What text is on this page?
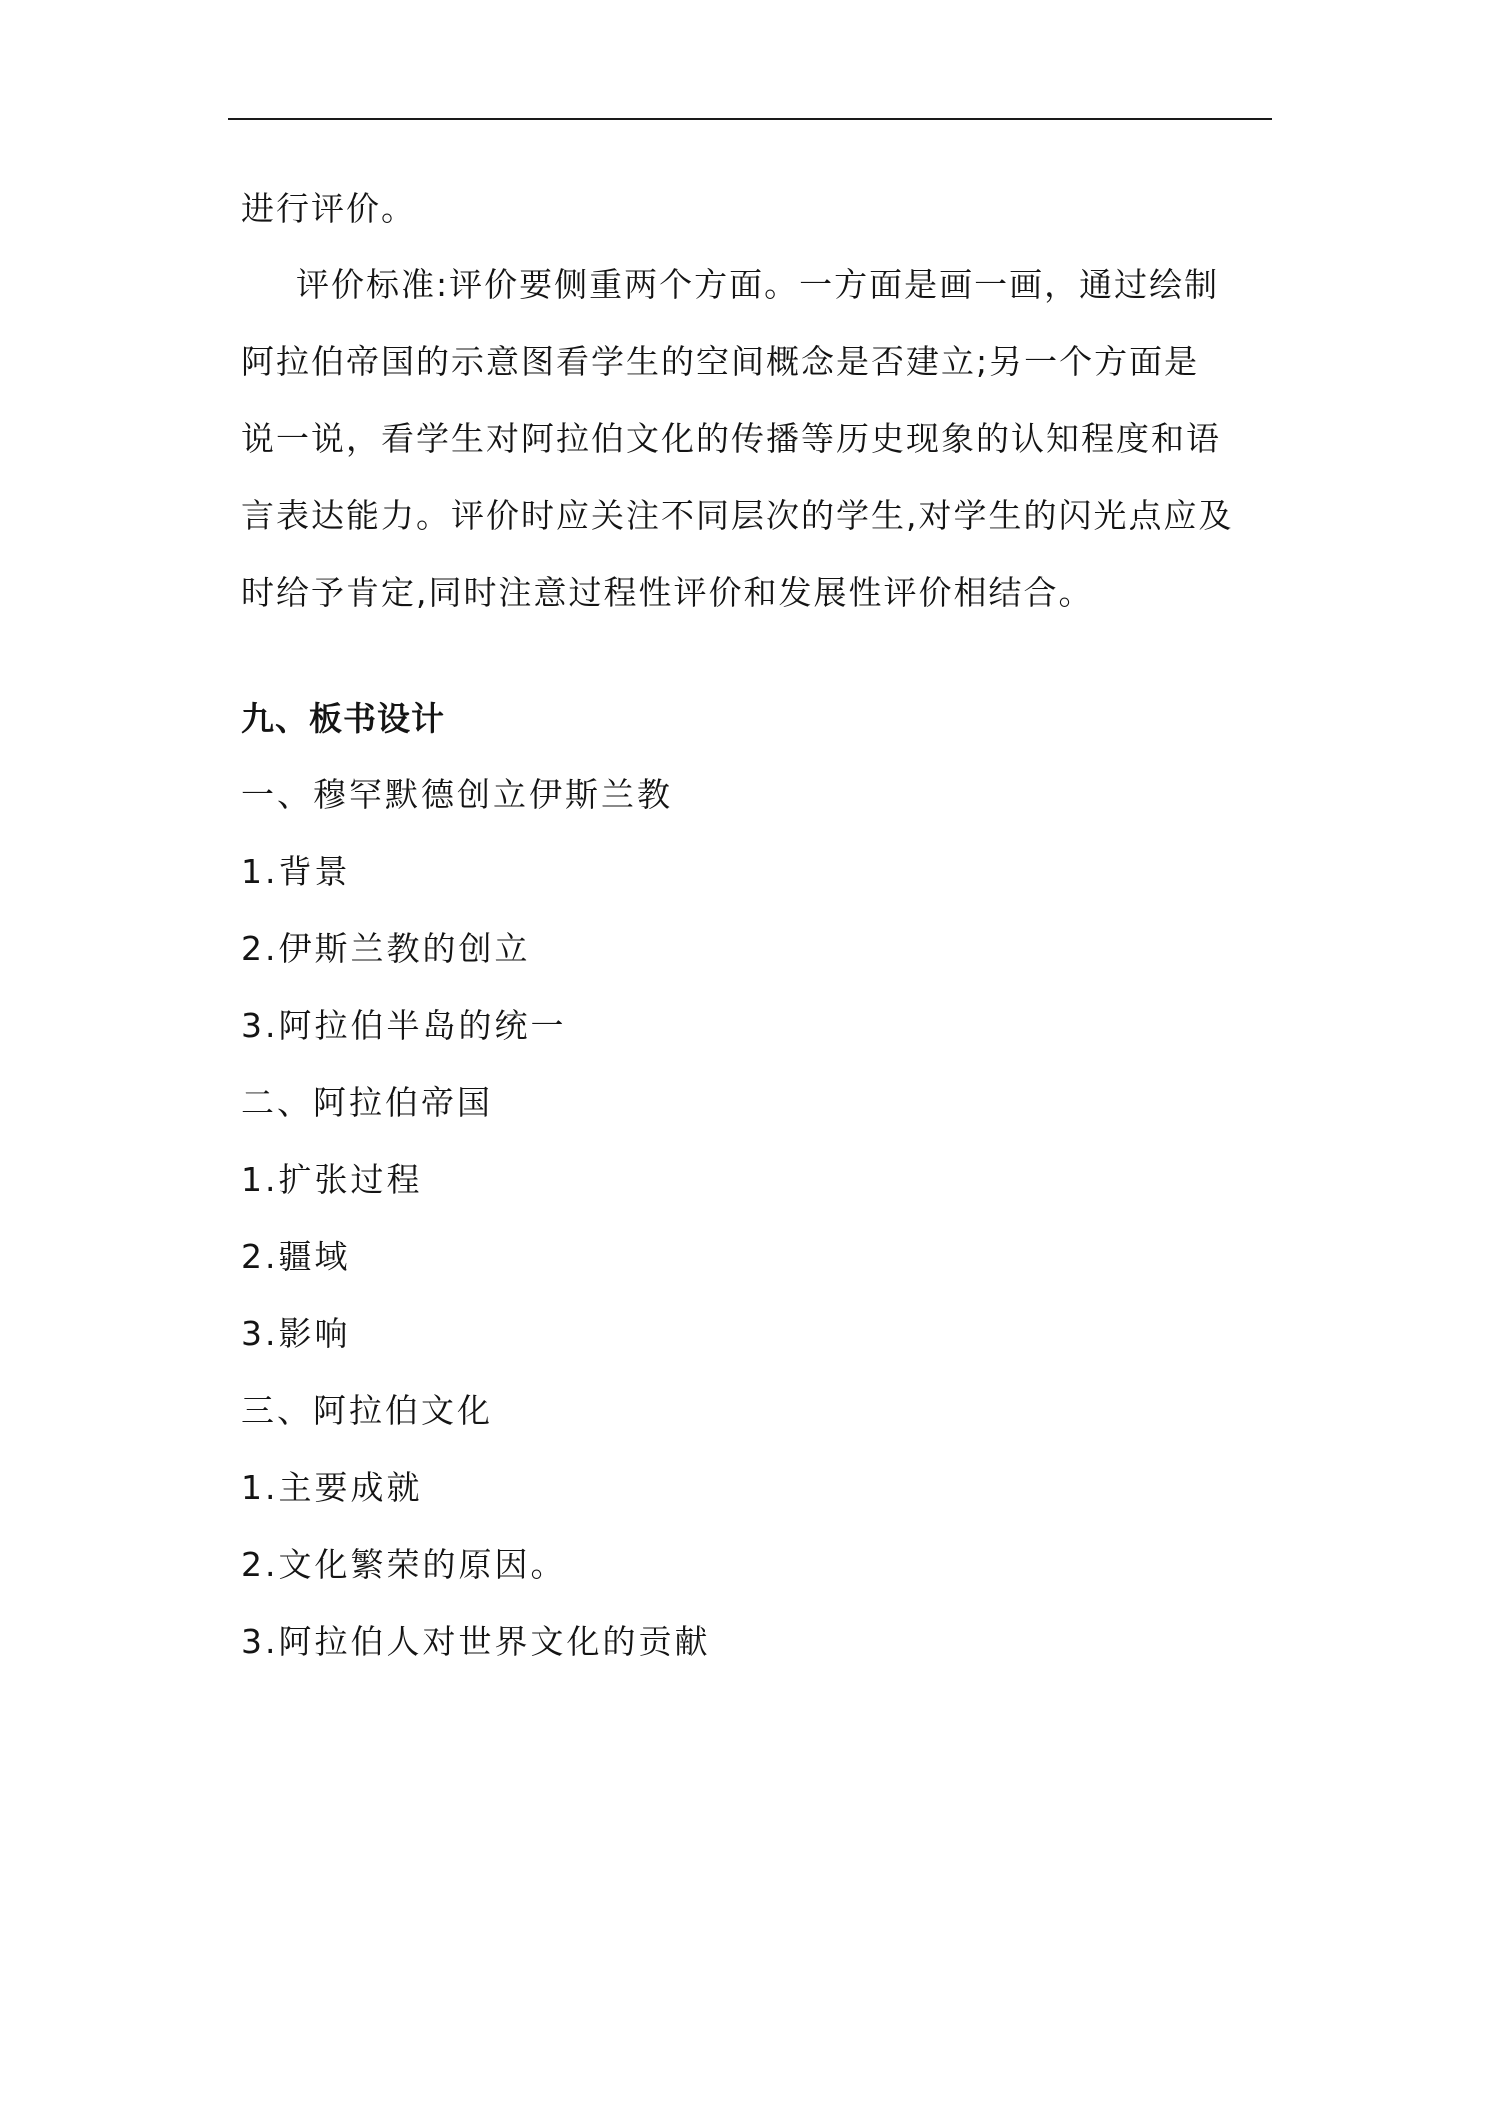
进行评价。
评价标准:评价要侧重两个方面。一方面是画一画，通过绘制
阿拉伯帝国的示意图看学生的空间概念是否建立;另一个方面是
说一说，看学生对阿拉伯文化的传播等历史现象的认知程度和语
言表达能力。评价时应关注不同层次的学生,对学生的闪光点应及
时给予肯定,同时注意过程性评价和发展性评价相结合。
九、板书设计
一、穆罕默德创立伊斯兰教
1.背景
2.伊斯兰教的创立
3.阿拉伯半岛的统一
二、阿拉伯帝国
1.扩张过程
2.疆域
3.影响
三、阿拉伯文化
1.主要成就
2.文化繁荣的原因。
3.阿拉伯人对世界文化的贡献
